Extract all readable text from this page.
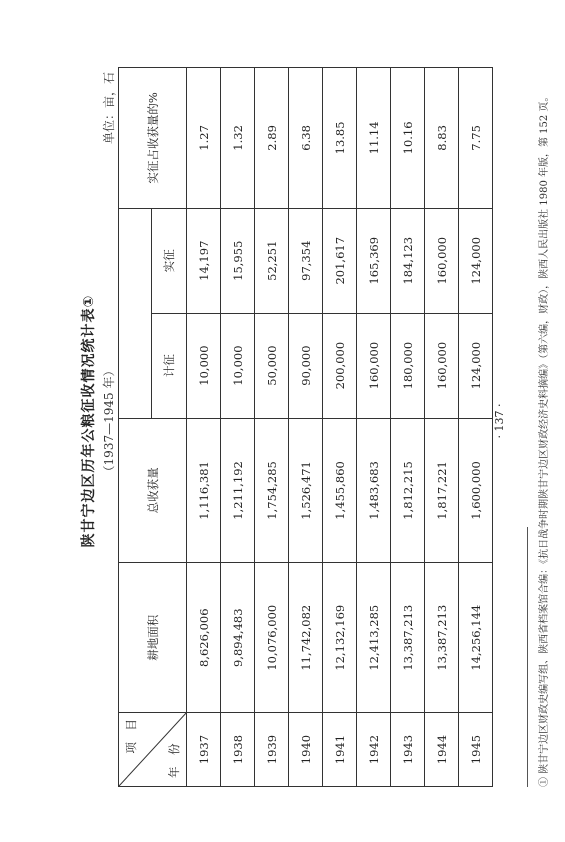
陕甘宁边区历年公粮征收情况统计表① （1937—1945 年）
单位：亩，石
项　目
年　份	耕地面积	总收获量			实征占收获量的%
			计征	实征	
1937	8,626,006	1,116,381	10,000	14,197	1.27
1938	9,894,483	1,211,192	10,000	15,955	1.32
1939	10,076,000	1,754,285	50,000	52,251	2.89
1940	11,742,082	1,526,471	90,000	97,354	6.38
1941	12,132,169	1,455,860	200,000	201,617	13.85
1942	12,413,285	1,483,683	160,000	165,369	11.14
1943	13,387,213	1,812,215	180,000	184,123	10.16
1944	13,387,213	1,817,221	160,000	160,000	8.83
1945	14,256,144	1,600,000	124,000	124,000	7.75
· 137 ·	① 陕甘宁边区财政史编写组、陕西省档案馆合编：《抗日战争时期陕甘宁边区财政经济史料摘编》（第六编，财政），陕西人民出版社 1980 年版，第 152 页。
